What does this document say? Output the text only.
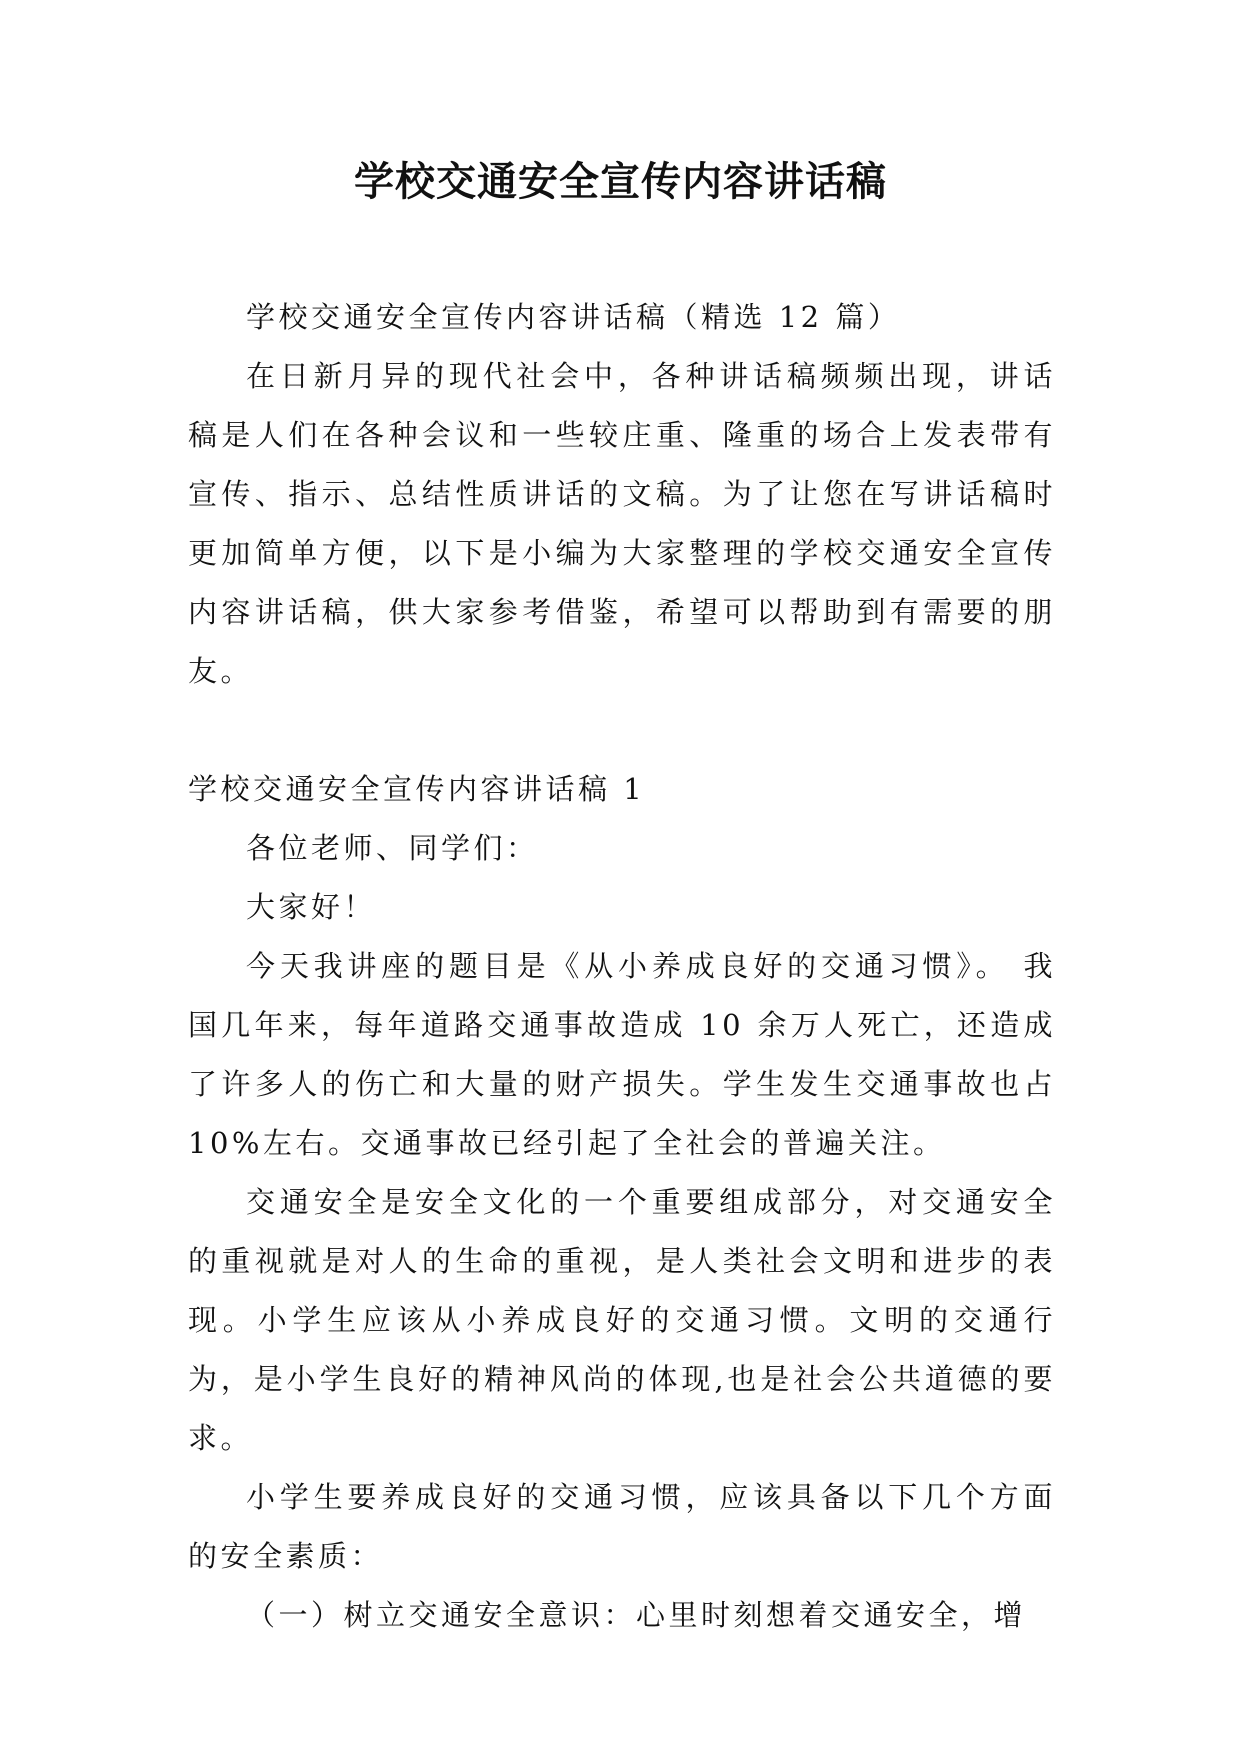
学校交通安全宣传内容讲话稿

学校交通安全宣传内容讲话稿（精选 12 篇）

在日新月异的现代社会中，各种讲话稿频频出现，讲话稿是人们在各种会议和一些较庄重、隆重的场合上发表带有宣传、指示、总结性质讲话的文稿。为了让您在写讲话稿时更加简单方便，以下是小编为大家整理的学校交通安全宣传内容讲话稿，供大家参考借鉴，希望可以帮助到有需要的朋友。

学校交通安全宣传内容讲话稿 1

各位老师、同学们：

大家好！

今天我讲座的题目是《从小养成良好的交通习惯》。 我国几年来，每年道路交通事故造成 10 余万人死亡，还造成了许多人的伤亡和大量的财产损失。学生发生交通事故也占 10%左右。交通事故已经引起了全社会的普遍关注。

交通安全是安全文化的一个重要组成部分，对交通安全的重视就是对人的生命的重视，是人类社会文明和进步的表现。小学生应该从小养成良好的交通习惯。文明的交通行为，是小学生良好的精神风尚的体现,也是社会公共道德的要求。

小学生要养成良好的交通习惯，应该具备以下几个方面的安全素质：

（一）树立交通安全意识：心里时刻想着交通安全，增
